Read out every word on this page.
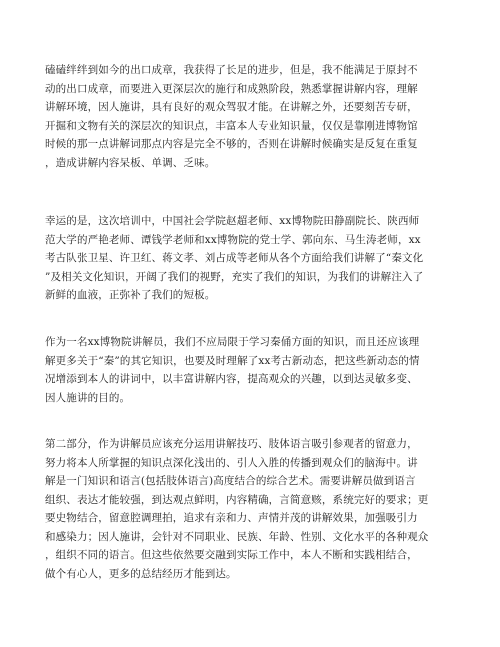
磕磕绊绊到如今的出口成章，我获得了长足的进步，但是，我不能满足于原封不
动的出口成章，而要进入更深层次的施行和成熟阶段，熟悉掌握讲解内容，理解
讲解环境，因人施讲，具有良好的观众驾驭才能。在讲解之外，还要刻苦专研，
开掘和文物有关的深层次的知识点，丰富本人专业知识量，仅仅是靠刚进博物馆
时候的那一点讲解词那点内容是完全不够的，否则在讲解时候确实是反复在重复
，造成讲解内容呆板、单调、乏味。
幸运的是，这次培训中，中国社会学院赵超老师、xx博物院田静副院长、陕西师
范大学的严艳老师、谭钱学老师和xx博物院的党士学、郭向东、马生涛老师，xx
考古队张卫星、许卫红、蒋文孝、刘占成等老师从各个方面给我们讲解了“秦文化
”及相关文化知识，开阔了我们的视野，充实了我们的知识，为我们的讲解注入了
新鲜的血液，正弥补了我们的短板。
作为一名xx博物院讲解员，我们不应局限于学习秦俑方面的知识，而且还应该理
解更多关于“秦”的其它知识，也要及时理解了xx考古新动态，把这些新动态的情
况增添到本人的讲词中，以丰富讲解内容，提高观众的兴趣，以到达灵敏多变、
因人施讲的目的。
第二部分，作为讲解员应该充分运用讲解技巧、肢体语言吸引参观者的留意力，
努力将本人所掌握的知识点深化浅出的、引人入胜的传播到观众们的脑海中。讲
解是一门知识和语言(包括肢体语言)高度结合的综合艺术。需要讲解员做到语言
组织、表达才能较强，到达观点鲜明，内容精确，言简意赅，系统完好的要求；更
要史物结合，留意腔调理拍，追求有亲和力、声情并茂的讲解效果，加强吸引力
和感染力；因人施讲，会针对不同职业、民族、年龄、性别、文化水平的各种观众
，组织不同的语言。但这些依然要交融到实际工作中，本人不断和实践相结合，
做个有心人，更多的总结经历才能到达。
